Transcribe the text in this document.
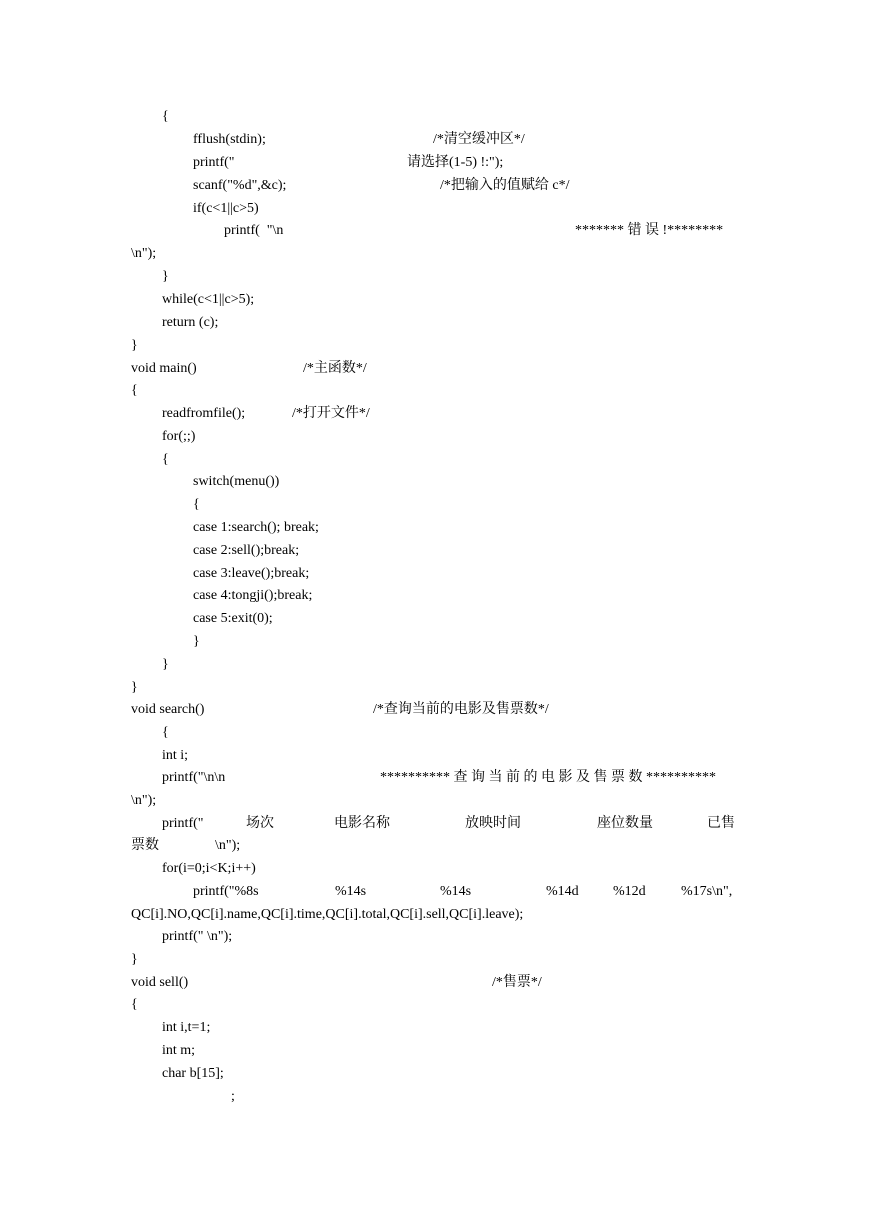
{
fflush(stdin);	/*清空缓冲区*/
printf("	请选择(1-5) !:");
scanf("%d",&c);	/*把输入的值赋给 c*/
if(c<1||c>5)
printf(  "\n	******* 错 误 !********
\n");
}
while(c<1||c>5);
return (c);
}
void main()	/*主函数*/
{
readfromfile();	/*打开文件*/
for(;;)
{
switch(menu())
{
case 1:search(); break;
case 2:sell();break;
case 3:leave();break;
case 4:tongji();break;
case 5:exit(0);
}
}
}
void search()	/*查询当前的电影及售票数*/
{
int i;
printf("\n\n	********** 查 询 当 前 的 电 影 及 售 票 数 **********
\n");
printf("	场次	电影名称	放映时间	座位数量	已售
票数	\n");
for(i=0;i<K;i++)
printf("%8s	%14s	%14s	%14d %12d	%17s\n",
QC[i].NO,QC[i].name,QC[i].time,QC[i].total,QC[i].sell,QC[i].leave);
printf(" \n");
}
void sell()	/*售票*/
{
int i,t=1;
int m;
char b[15];
;
